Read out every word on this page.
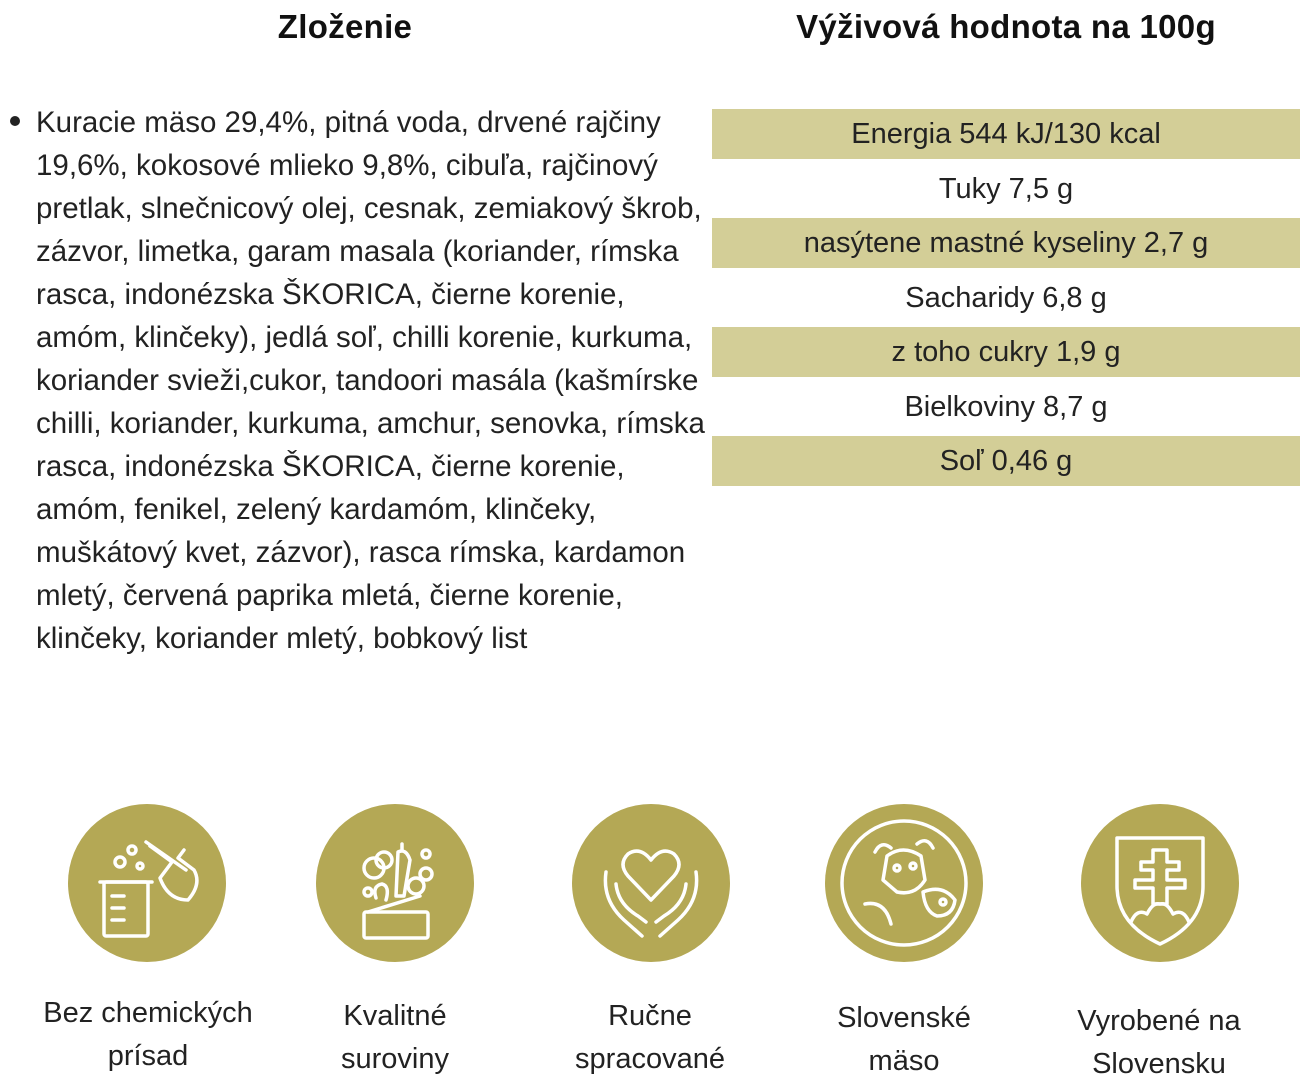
Zloženie	Výživová hodnota na 100g
Kuracie mäso 29,4%, pitná voda, drvené rajčiny 19,6%, kokosové mlieko 9,8%, cibuľa, rajčinový pretlak, slnečnicový olej, cesnak, zemiakový škrob, zázvor, limetka, garam masala (koriander, rímska rasca, indonézska ŠKORICA, čierne korenie, amóm, klinčeky), jedlá soľ, chilli korenie, kurkuma, koriander svieži,cukor, tandoori masála (kašmírske chilli, koriander, kurkuma, amchur, senovka, rímska rasca, indonézska ŠKORICA, čierne korenie, amóm, fenikel, zelený kardamóm, klinčeky, muškátový kvet, zázvor), rasca rímska, kardamon mletý, červená paprika mletá, čierne korenie, klinčeky, koriander mletý, bobkový list
Energia 544 kJ/130 kcal
Tuky 7,5 g
nasýtene mastné kyseliny 2,7 g
Sacharidy 6,8 g
z toho cukry 1,9 g
Bielkoviny 8,7 g
Soľ 0,46 g
Bez chemických
prísad
Kvalitné
suroviny
Ručne
spracované
Slovenské
mäso
Vyrobené na
Slovensku
